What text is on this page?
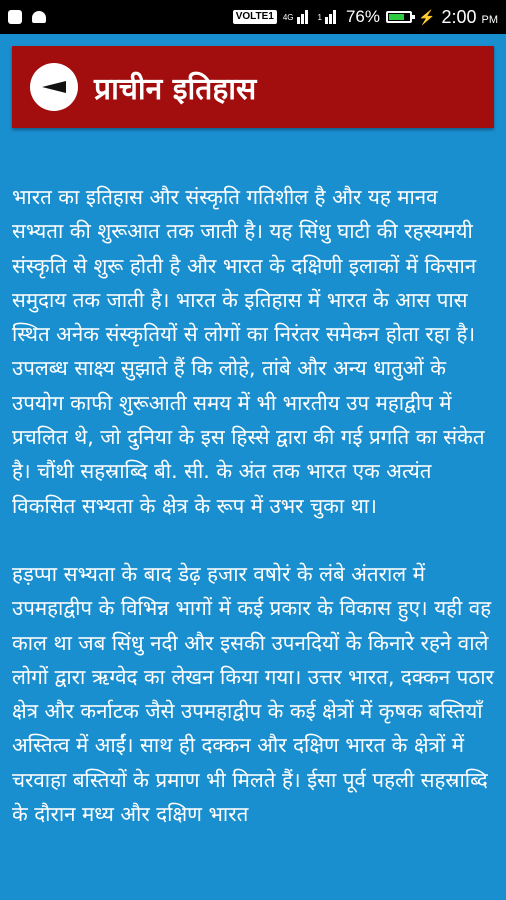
VOLTE1	4G	1 76%	⚡ 2:00 PM
प्राचीन इतिहास

भारत का इतिहास और संस्कृति गतिशील है और यह मानव सभ्यता की शुरूआत तक जाती है। यह सिंधु घाटी की रहस्यमयी संस्कृति से शुरू होती है और भारत के दक्षिणी इलाकों में किसान समुदाय तक जाती है। भारत के इतिहास में भारत के आस पास स्थित अनेक संस्कृतियों से लोगों का निरंतर समेकन होता रहा है। उपलब्ध साक्ष्य सुझाते हैं कि लोहे, तांबे और अन्य धातुओं के उपयोग काफी शुरूआती समय में भी भारतीय उप महाद्वीप में प्रचलित थे, जो दुनिया के इस हिस्से द्वारा की गई प्रगति का संकेत है। चौंथी सहस्राब्दि बी. सी. के अंत तक भारत एक अत्यंत विकसित सभ्यता के क्षेत्र के रूप में उभर चुका था।

हड़प्पा सभ्यता के बाद डेढ़ हजार वषोरं के लंबे अंतराल में उपमहाद्वीप के विभिन्न भागों में कई प्रकार के विकास हुए। यही वह काल था जब सिंधु नदी और इसकी उपनदियों के किनारे रहने वाले लोगों द्वारा ऋग्वेद का लेखन किया गया। उत्तर भारत, दक्कन पठार क्षेत्र और कर्नाटक जैसे उपमहाद्वीप के कई क्षेत्रों में कृषक बस्तियाँ अस्तित्व में आईं। साथ ही दक्कन और दक्षिण भारत के क्षेत्रों में चरवाहा बस्तियों के प्रमाण भी मिलते हैं। ईसा पूर्व पहली सहस्राब्दि के दौरान मध्य और दक्षिण भारत
